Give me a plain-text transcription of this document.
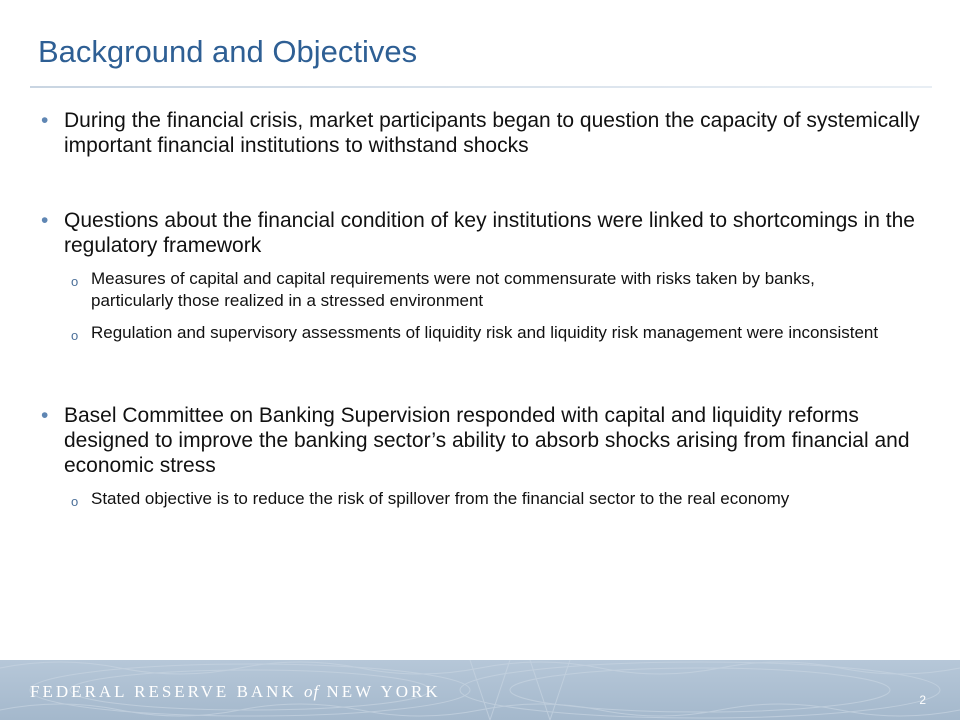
Background and Objectives
• During the financial crisis, market participants began to question the capacity of systemically important financial institutions to withstand shocks
• Questions about the financial condition of key institutions were linked to shortcomings in the regulatory framework
o Measures of capital and capital requirements were not commensurate with risks taken by banks, particularly those realized in a stressed environment
o Regulation and supervisory assessments of liquidity risk and liquidity risk management were inconsistent
• Basel Committee on Banking Supervision responded with capital and liquidity reforms designed to improve the banking sector’s ability to absorb shocks arising from financial and economic stress
o Stated objective is to reduce the risk of spillover from the financial sector to the real economy
FEDERAL RESERVE BANK of NEW YORK	2
